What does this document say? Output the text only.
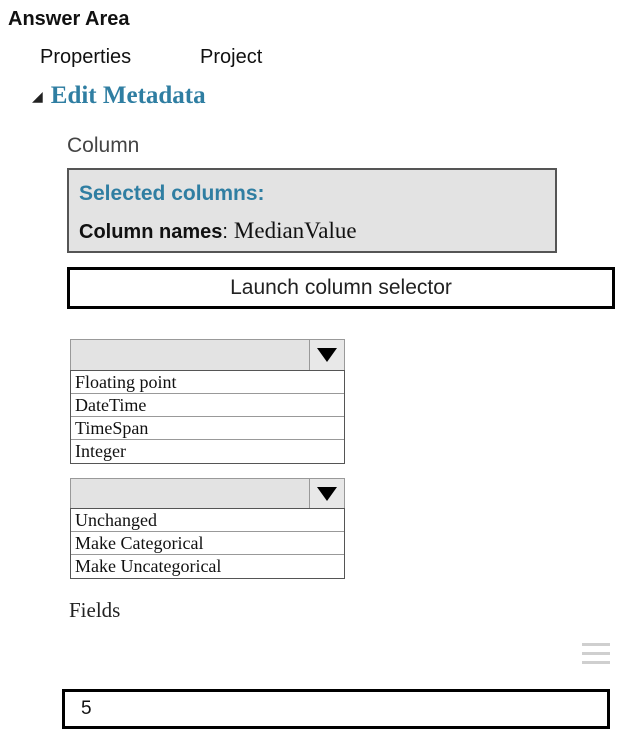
Answer Area
Properties	Project
◢ Edit Metadata
Column
Selected columns:
Column names: MedianValue
Launch column selector
Floating point
DateTime
TimeSpan
Integer
Unchanged
Make Categorical
Make Uncategorical
Fields
5
